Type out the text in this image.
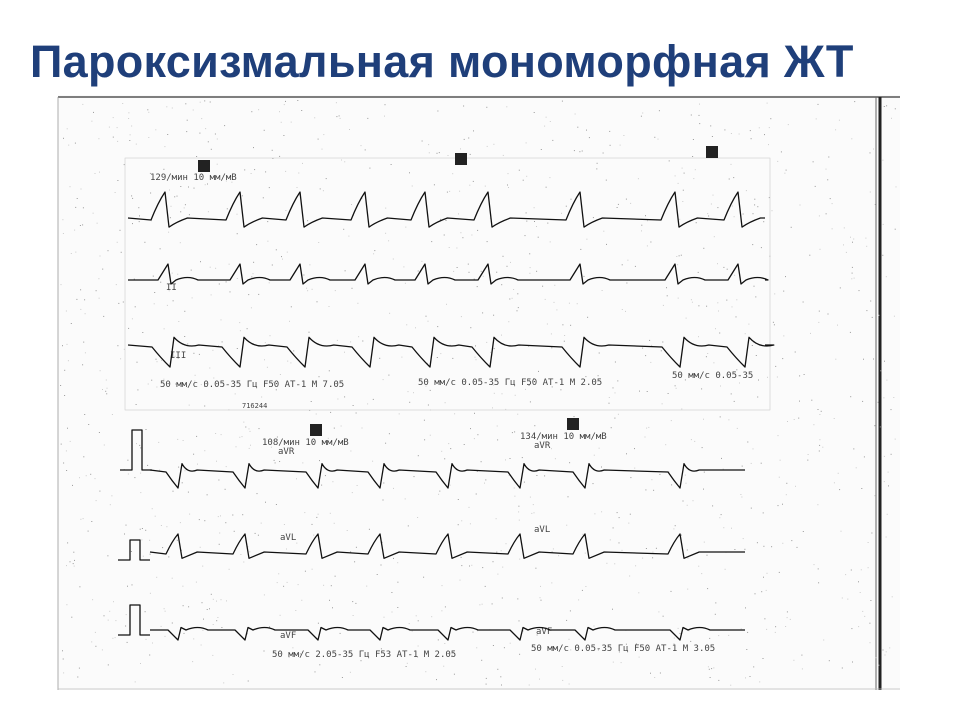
Пароксизмальная мономорфная ЖТ
129/мин 10 мм/мВ
II
III
50 мм/с 0.05-35 Гц F50 AT-1 M 7.05	50 мм/с 0.05-35 Гц F50 AT-1 M 2.05
50 мм/с 0.05-35
716244
108/мин 10 мм/мВ
aVR
134/мин 10 мм/мВ
aVR
aVL
aVL
aVF	aVF
50 мм/с 2.05-35 Гц F53 AT-1 M 2.05
50 мм/с 0.05-35 Гц F50 AT-1 M 3.05
